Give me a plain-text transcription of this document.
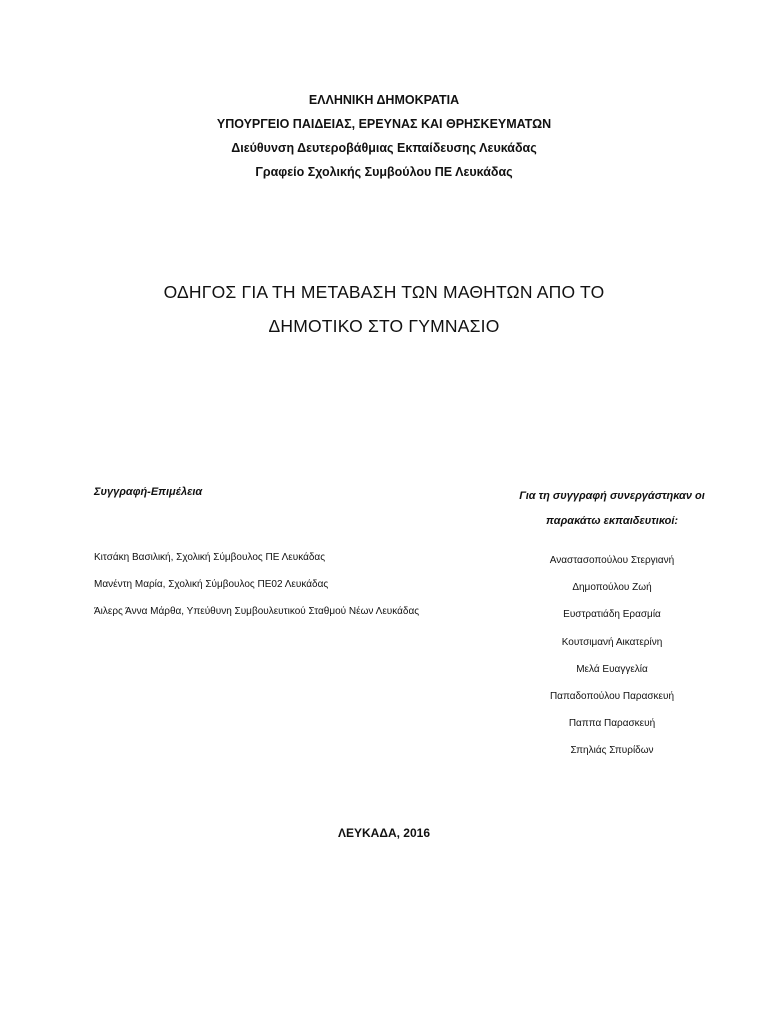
ΕΛΛΗΝΙΚΗ ΔΗΜΟΚΡΑΤΙΑ
ΥΠΟΥΡΓΕΙΟ ΠΑΙΔΕΙΑΣ, ΕΡΕΥΝΑΣ ΚΑΙ ΘΡΗΣΚΕΥΜΑΤΩΝ
Διεύθυνση Δευτεροβάθμιας Εκπαίδευσης Λευκάδας
Γραφείο Σχολικής Συμβούλου ΠΕ Λευκάδας
ΟΔΗΓΟΣ ΓΙΑ ΤΗ ΜΕΤΑΒΑΣΗ ΤΩΝ ΜΑΘΗΤΩΝ ΑΠΟ ΤΟ
ΔΗΜΟΤΙΚΟ ΣΤΟ ΓΥΜΝΑΣΙΟ
Συγγραφή-Επιμέλεια
Κιτσάκη Βασιλική, Σχολική Σύμβουλος ΠΕ Λευκάδας
Μανέντη Μαρία, Σχολική Σύμβουλος ΠΕ02 Λευκάδας
Άιλερς Άννα Μάρθα, Υπεύθυνη Συμβουλευτικού Σταθμού Νέων Λευκάδας
Για τη συγγραφή συνεργάστηκαν οι
παρακάτω εκπαιδευτικοί:
Αναστασοπούλου Στεργιανή
Δημοπούλου Ζωή
Ευστρατιάδη Ερασμία
Κουτσιμανή Αικατερίνη
Μελά Ευαγγελία
Παπαδοπούλου Παρασκευή
Παππα Παρασκευή
Σπηλιάς Σπυρίδων
ΛΕΥΚΑΔΑ, 2016
